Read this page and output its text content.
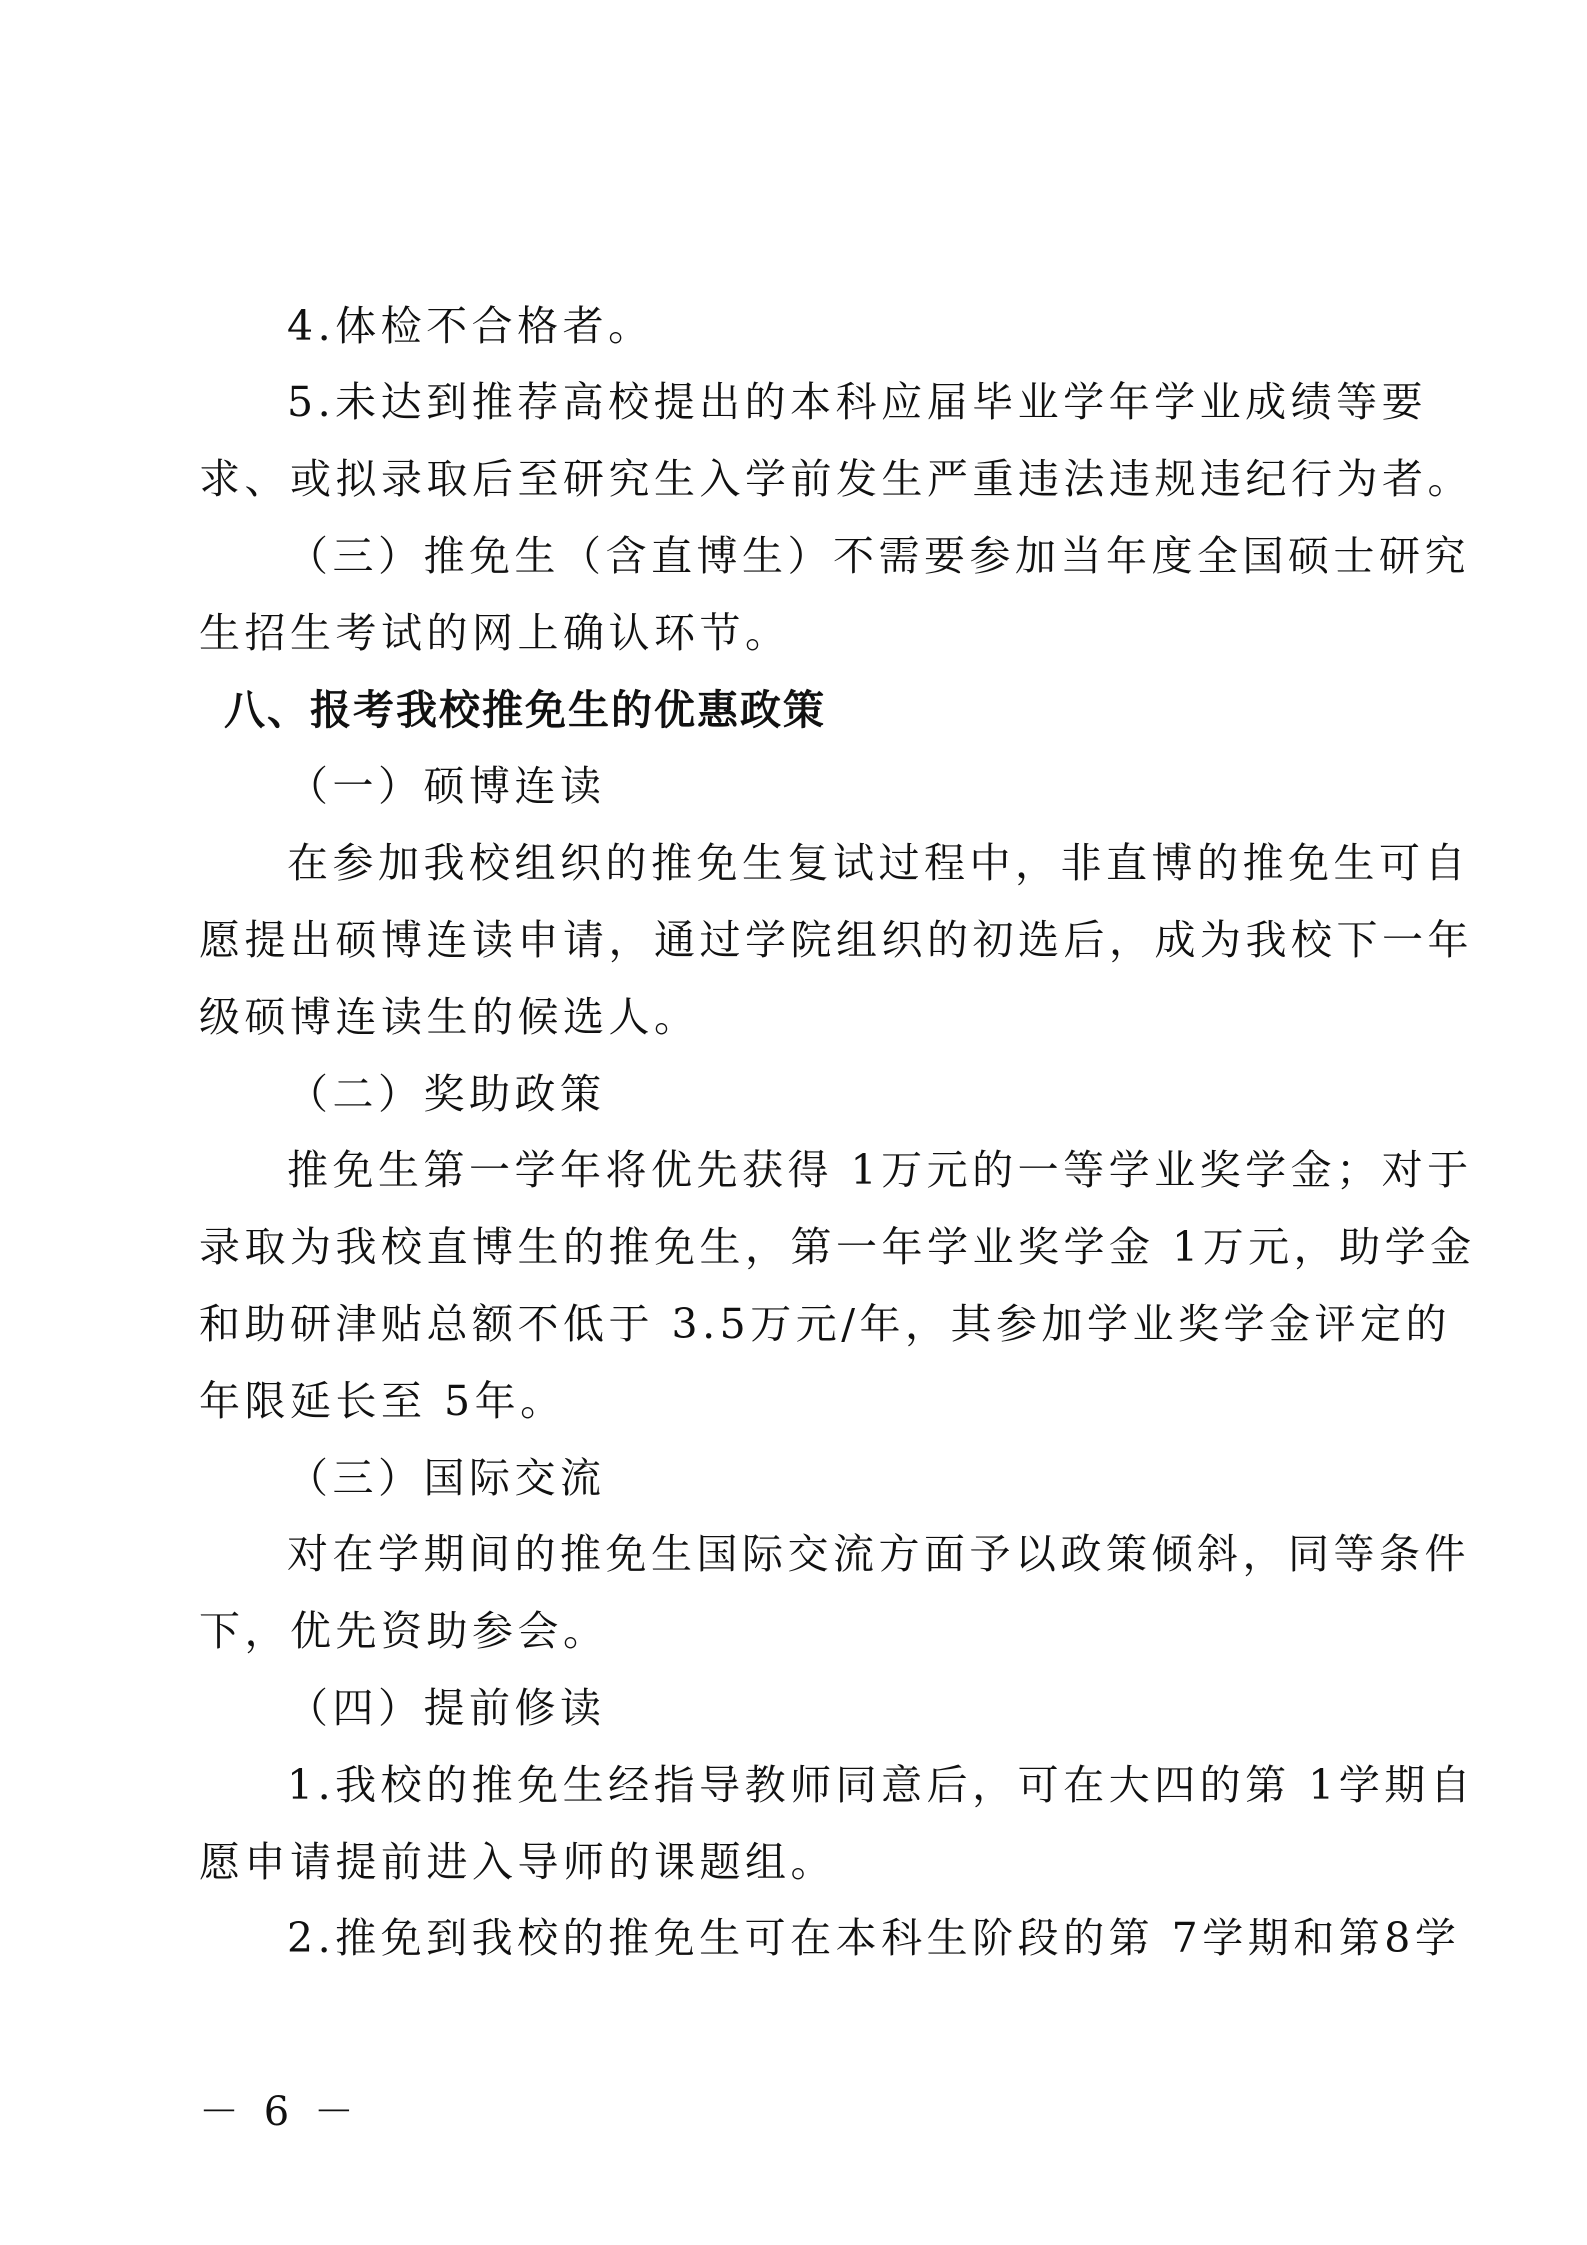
4.体检不合格者。
5.未达到推荐高校提出的本科应届毕业学年学业成绩等要
求、或拟录取后至研究生入学前发生严重违法违规违纪行为者。
（三）推免生（含直博生）不需要参加当年度全国硕士研究
生招生考试的网上确认环节。
八、报考我校推免生的优惠政策
（一）硕博连读
在参加我校组织的推免生复试过程中，非直博的推免生可自
愿提出硕博连读申请，通过学院组织的初选后，成为我校下一年
级硕博连读生的候选人。
（二）奖助政策
推免生第一学年将优先获得 1万元的一等学业奖学金；对于
录取为我校直博生的推免生，第一年学业奖学金 1万元，助学金
和助研津贴总额不低于 3.5万元/年，其参加学业奖学金评定的
年限延长至 5年。
（三）国际交流
对在学期间的推免生国际交流方面予以政策倾斜，同等条件
下，优先资助参会。
（四）提前修读
1.我校的推免生经指导教师同意后，可在大四的第 1学期自
愿申请提前进入导师的课题组。
2.推免到我校的推免生可在本科生阶段的第 7学期和第8学
－ 6 －
